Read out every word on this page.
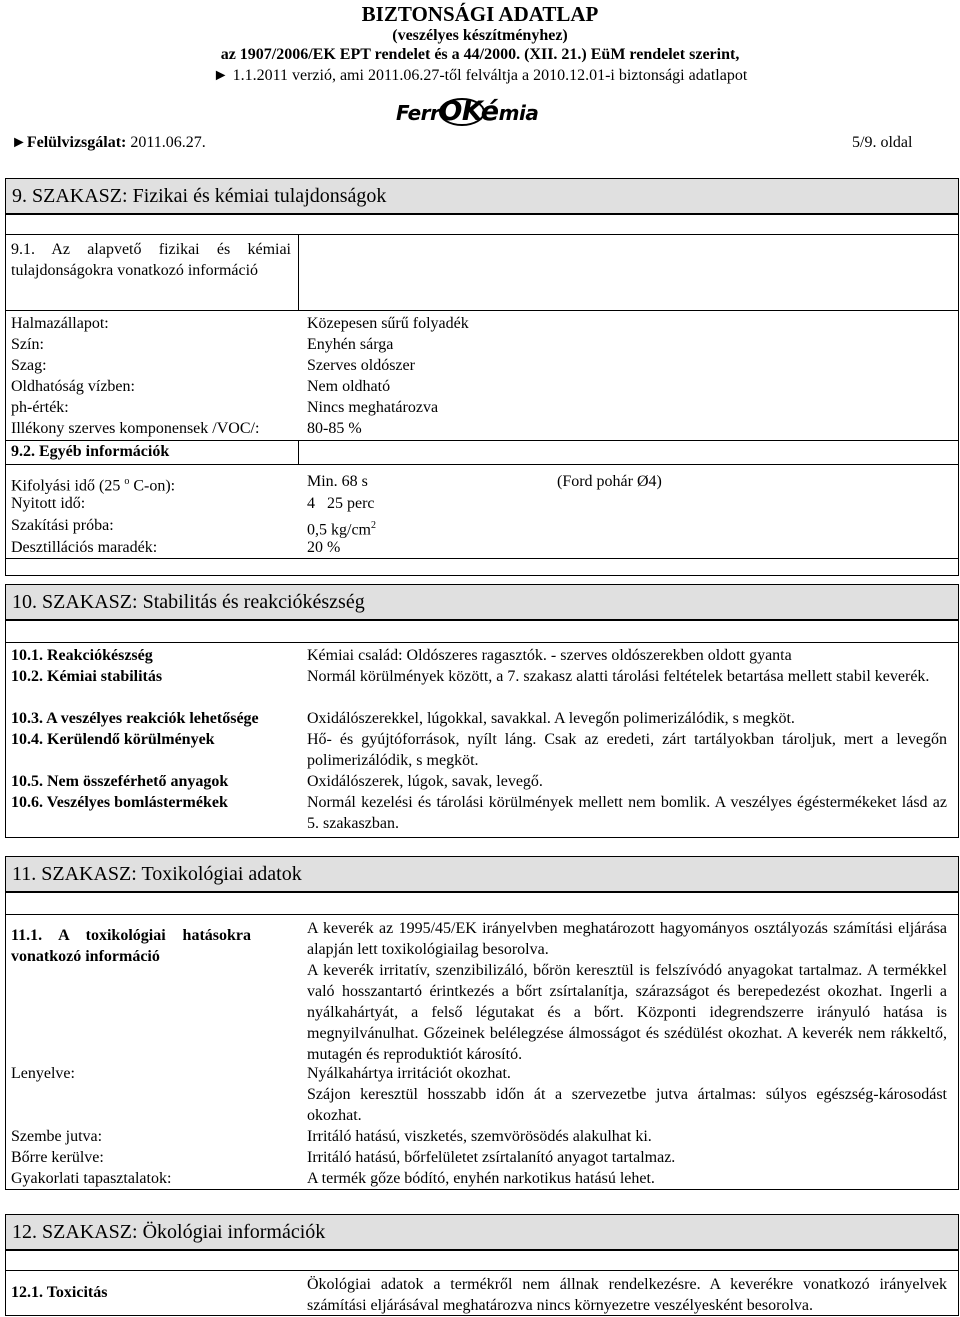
BIZTONSÁGI ADATLAP
(veszélyes készítményhez)
az 1907/2006/EK EPT rendelet és a 44/2000. (XII. 21.) EüM rendelet szerint,
► 1.1.2011 verzió, ami 2011.06.27-től felváltja a 2010.12.01-i biztonsági adatlapot
FerrOKémia
►Felülvizsgálat: 2011.06.27.	5/9. oldal
9. SZAKASZ: Fizikai és kémiai tulajdonságok
9.1. Az alapvető fizikai és kémiai tulajdonságokra vonatkozó információ
Halmazállapot:	Közepesen sűrű folyadék
Szín:	Enyhén sárga
Szag:	Szerves oldószer
Oldhatóság vízben:	Nem oldható
ph-érték:	Nincs meghatározva
Illékony szerves komponensek /VOC/:	80-85 %
9.2. Egyéb információk
Kifolyási idő (25 $^o$ C-on):	Min. 68 s	(Ford pohár Ø4)
Nyitott idő:	4   25 perc
Szakítási próba:	0,5 $kg/cm^2$
Desztillációs maradék:	20 %
10. SZAKASZ: Stabilitás és reakciókészség
10.1. Reakciókészség	Kémiai család: Oldószeres ragasztók. - szerves oldószerekben oldott gyanta
10.2. Kémiai stabilitás	Normál körülmények között, a 7. szakasz alatti tárolási feltételek betartása mellett stabil keverék.
10.3. A veszélyes reakciók lehetősége	Oxidálószerekkel, lúgokkal, savakkal. A levegőn polimerizálódik, s megköt.
10.4. Kerülendő körülmények	Hő- és gyújtóforrások, nyílt láng. Csak az eredeti, zárt tartályokban tároljuk, mert a levegőn polimerizálódik, s megköt.
10.5. Nem összeférhető anyagok	Oxidálószerek, lúgok, savak, levegő.
10.6. Veszélyes bomlástermékek	Normál kezelési és tárolási körülmények mellett nem bomlik. A veszélyes égéstermékeket lásd az 5. szakaszban.
11. SZAKASZ: Toxikológiai adatok
11.1. A toxikológiai hatásokra vonatkozó információ
A keverék az 1995/45/EK irányelvben meghatározott hagyományos osztályozás számítási eljárása alapján lett toxikológiailag besorolva.
A keverék irritatív, szenzibilizáló, bőrön keresztül is felszívódó anyagokat tartalmaz. A termékkel való hosszantartó érintkezés a bőrt zsírtalanítja, szárazságot és berepedezést okozhat. Ingerli a nyálkahártyát, a felső légutakat és a bőrt. Központi idegrendszerre irányuló hatása is megnyilvánulhat. Gőzeinek belélegzése álmosságot és szédülést okozhat. A keverék nem rákkeltő, mutagén és reproduktiót károsító.
Lenyelve:	Nyálkahártya irritációt okozhat.
Szájon keresztül hosszabb időn át a szervezetbe jutva ártalmas: súlyos egészség-károsodást okozhat.
Szembe jutva:	Irritáló hatású, viszketés, szemvörösödés alakulhat ki.
Bőrre kerülve:	Irritáló hatású, bőrfelületet zsírtalanító anyagot tartalmaz.
Gyakorlati tapasztalatok:	A termék gőze bódító, enyhén narkotikus hatású lehet.
12. SZAKASZ: Ökológiai információk
12.1. Toxicitás	Ökológiai adatok a termékről nem állnak rendelkezésre. A keverékre vonatkozó irányelvek számítási eljárásával meghatározva nincs környezetre veszélyesként besorolva.
